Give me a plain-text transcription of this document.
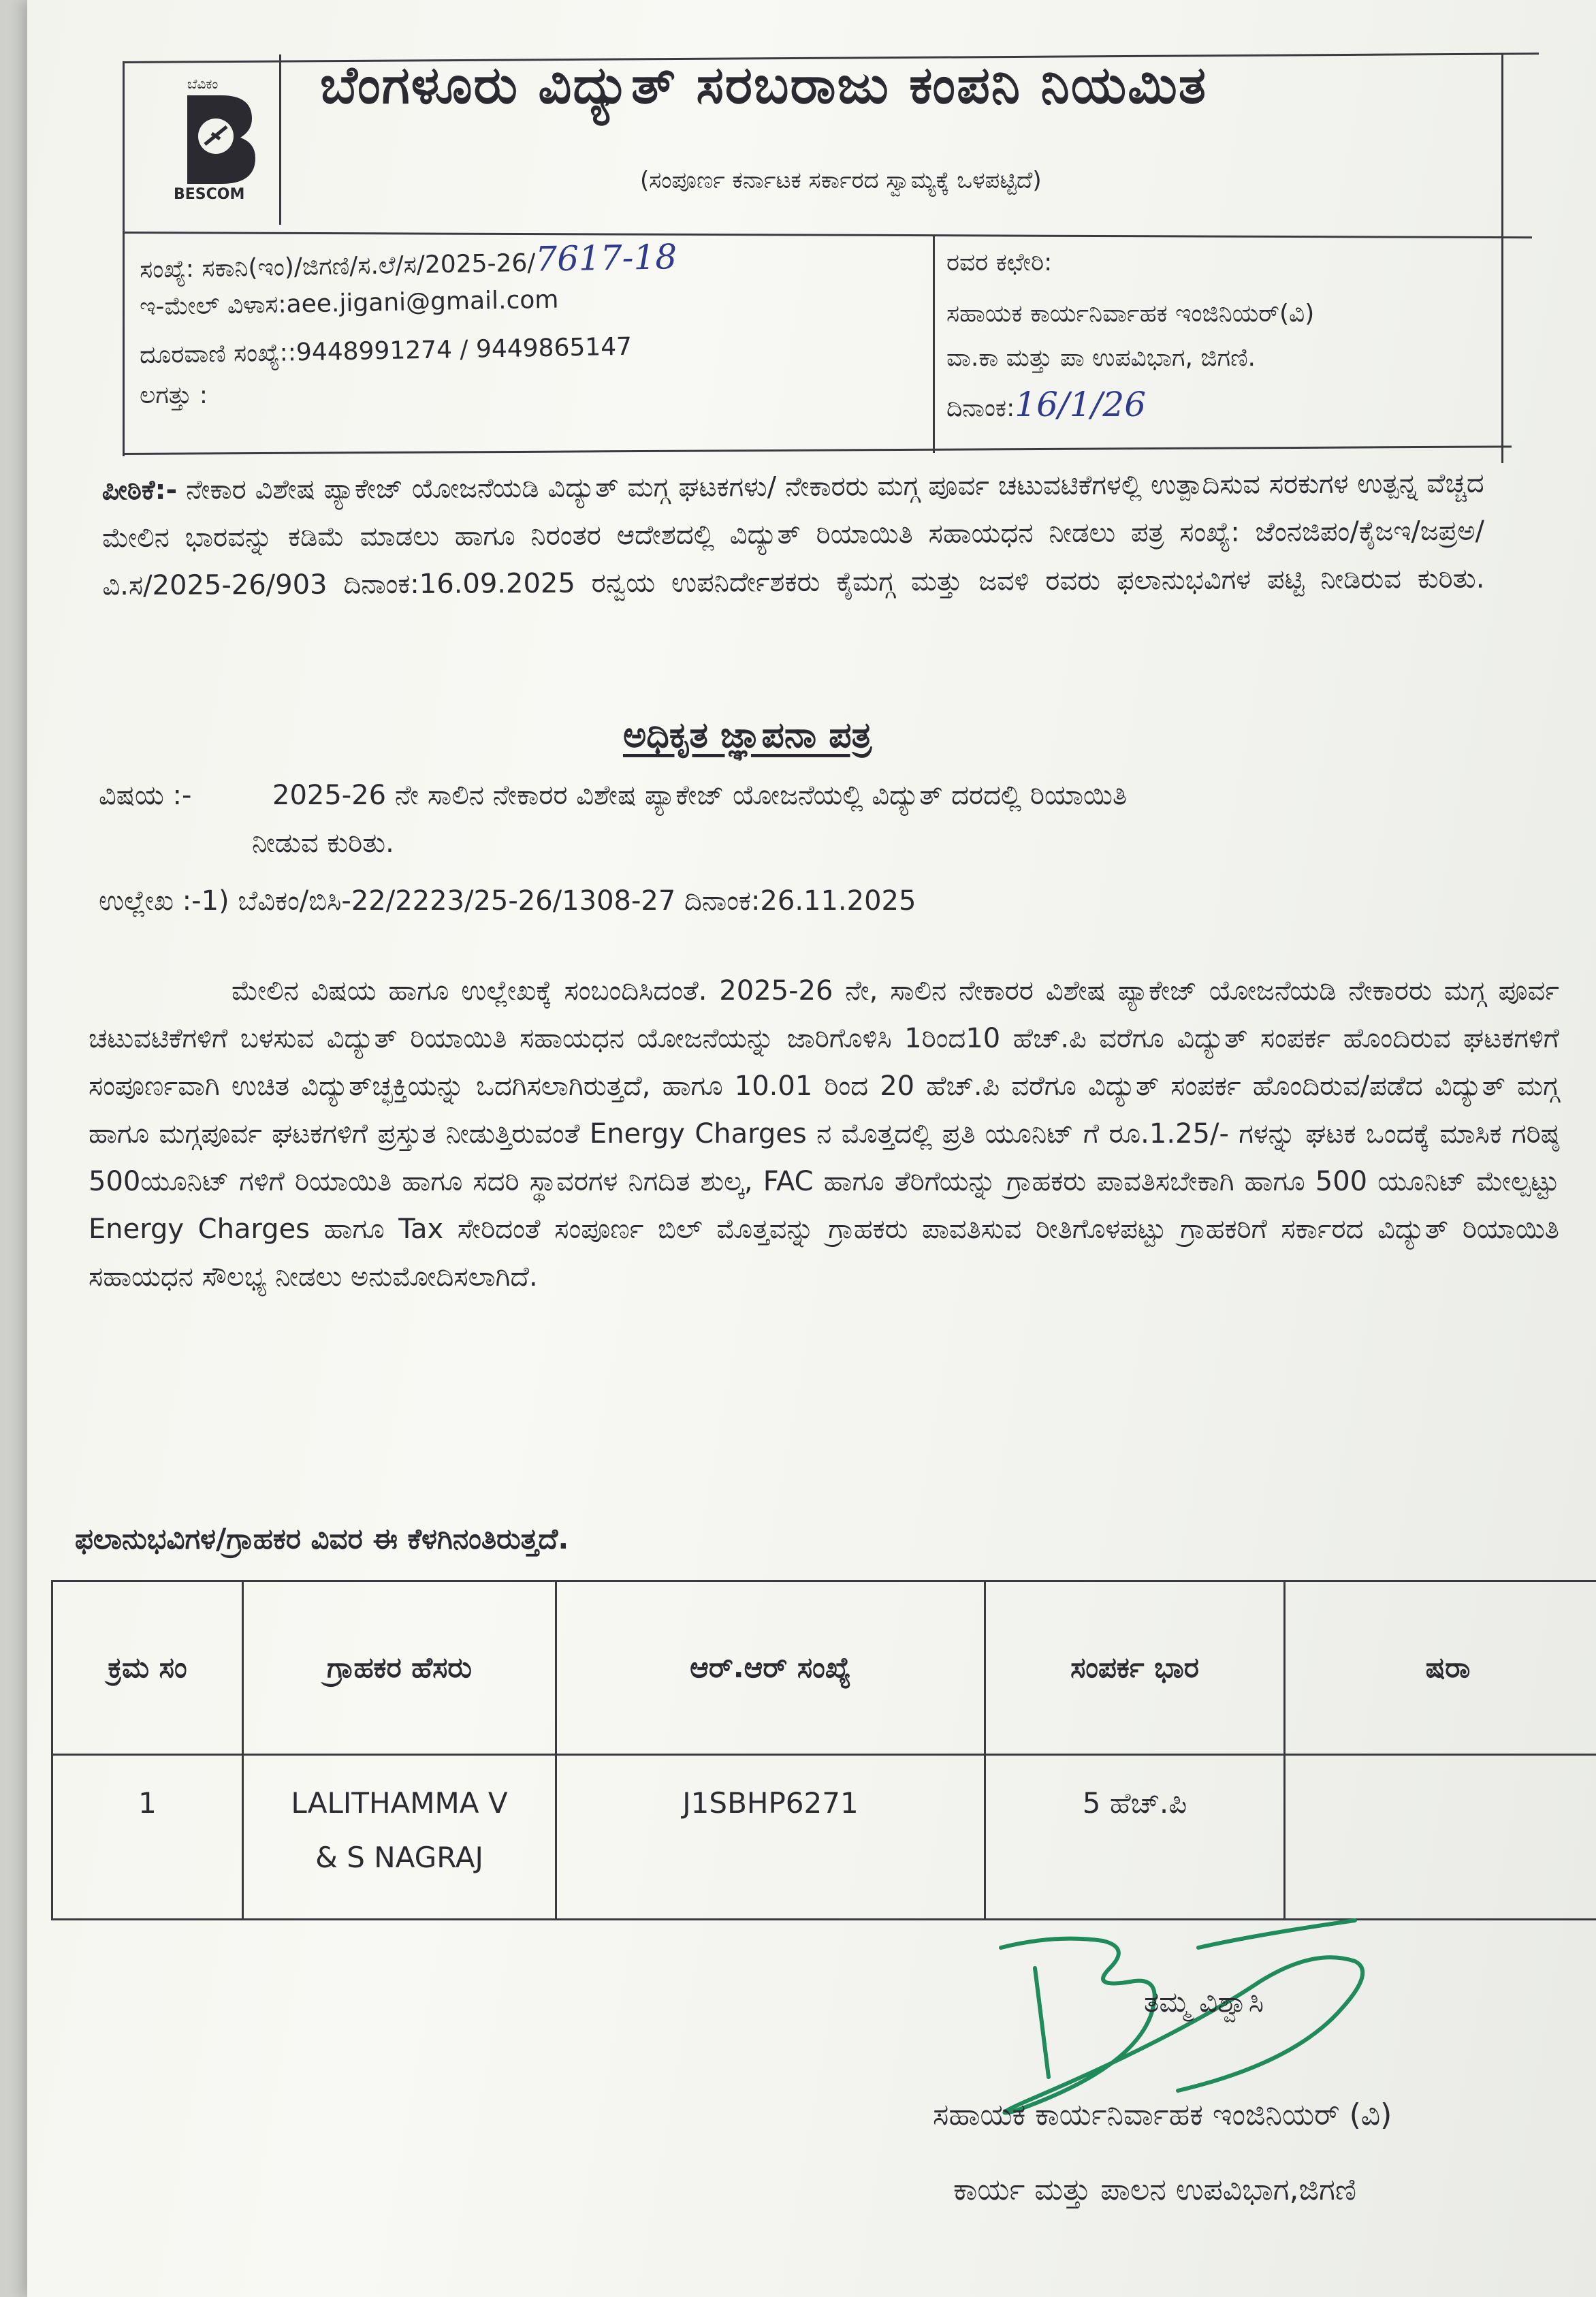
ಬೆವಿಕಂ
BESCOM
ಬೆಂಗಳೂರು ವಿದ್ಯುತ್ ಸರಬರಾಜು ಕಂಪನಿ ನಿಯಮಿತ
(ಸಂಪೂರ್ಣ ಕರ್ನಾಟಕ ಸರ್ಕಾರದ ಸ್ವಾಮ್ಯಕ್ಕೆ ಒಳಪಟ್ಟಿದೆ)
ಸಂಖ್ಯೆ: ಸಕಾನಿ(ಇಂ)/ಜಿಗಣಿ/ಸ.ಲೆ/ಸ/2025-26/7617-18
ಇ-ಮೇಲ್ ವಿಳಾಸ:aee.jigani@gmail.com
ದೂರವಾಣಿ ಸಂಖ್ಯೆ::9448991274 / 9449865147
ಲಗತ್ತು :
ರವರ ಕಛೇರಿ:
ಸಹಾಯಕ ಕಾರ್ಯನಿರ್ವಾಹಕ ಇಂಜಿನಿಯರ್(ವಿ)
ವಾ.ಕಾ ಮತ್ತು ಪಾ ಉಪವಿಭಾಗ, ಜಿಗಣಿ.
ದಿನಾಂಕ:16/1/26
ಪೀಠಿಕೆ:- ನೇಕಾರ ವಿಶೇಷ ಪ್ಯಾಕೇಜ್ ಯೋಜನೆಯಡಿ ವಿದ್ಯುತ್ ಮಗ್ಗ ಘಟಕಗಳು/ ನೇಕಾರರು ಮಗ್ಗ ಪೂರ್ವ ಚಟುವಟಿಕೆಗಳಲ್ಲಿ ಉತ್ಪಾದಿಸುವ ಸರಕುಗಳ ಉತ್ಪನ್ನ ವೆಚ್ಚದ ಮೇಲಿನ ಭಾರವನ್ನು ಕಡಿಮೆ ಮಾಡಲು ಹಾಗೂ ನಿರಂತರ ಆದೇಶದಲ್ಲಿ ವಿದ್ಯುತ್ ರಿಯಾಯಿತಿ ಸಹಾಯಧನ ನೀಡಲು ಪತ್ರ ಸಂಖ್ಯೆ: ಜೆಂನಜಿಪಂ/ಕೈಜಇ/ಜಪ್ರಅ/ವಿ.ಸ/2025-26/903 ದಿನಾಂಕ:16.09.2025 ರನ್ವಯ ಉಪನಿರ್ದೇಶಕರು ಕೈಮಗ್ಗ ಮತ್ತು ಜವಳಿ ರವರು ಫಲಾನುಭವಿಗಳ ಪಟ್ಟಿ ನೀಡಿರುವ ಕುರಿತು.
ಅಧಿಕೃತ ಜ್ಞಾಪನಾ ಪತ್ರ
ವಿಷಯ :-	2025-26 ನೇ ಸಾಲಿನ ನೇಕಾರರ ವಿಶೇಷ ಪ್ಯಾಕೇಜ್ ಯೋಜನೆಯಲ್ಲಿ ವಿದ್ಯುತ್ ದರದಲ್ಲಿ ರಿಯಾಯಿತಿ
ನೀಡುವ ಕುರಿತು.
ಉಲ್ಲೇಖ :-1) ಬೆವಿಕಂ/ಬಿಸಿ-22/2223/25-26/1308-27 ದಿನಾಂಕ:26.11.2025
ಮೇಲಿನ ವಿಷಯ ಹಾಗೂ ಉಲ್ಲೇಖಕ್ಕೆ ಸಂಬಂದಿಸಿದಂತೆ. 2025-26 ನೇ, ಸಾಲಿನ ನೇಕಾರರ ವಿಶೇಷ ಪ್ಯಾಕೇಜ್ ಯೋಜನೆಯಡಿ ನೇಕಾರರು ಮಗ್ಗ ಪೂರ್ವ ಚಟುವಟಿಕೆಗಳಿಗೆ ಬಳಸುವ ವಿದ್ಯುತ್ ರಿಯಾಯಿತಿ ಸಹಾಯಧನ ಯೋಜನೆಯನ್ನು ಜಾರಿಗೊಳಿಸಿ 1ರಿಂದ10 ಹೆಚ್.ಪಿ ವರೆಗೂ ವಿದ್ಯುತ್ ಸಂಪರ್ಕ ಹೊಂದಿರುವ ಘಟಕಗಳಿಗೆ ಸಂಪೂರ್ಣವಾಗಿ ಉಚಿತ ವಿದ್ಯುತ್‌ಚ್ಛಕ್ತಿಯನ್ನು ಒದಗಿಸಲಾಗಿರುತ್ತದೆ, ಹಾಗೂ 10.01 ರಿಂದ 20 ಹೆಚ್.ಪಿ ವರೆಗೂ ವಿದ್ಯುತ್ ಸಂಪರ್ಕ ಹೊಂದಿರುವ/ಪಡೆದ ವಿದ್ಯುತ್ ಮಗ್ಗ ಹಾಗೂ ಮಗ್ಗಪೂರ್ವ ಘಟಕಗಳಿಗೆ ಪ್ರಸ್ತುತ ನೀಡುತ್ತಿರುವಂತೆ Energy Charges ನ ಮೊತ್ತದಲ್ಲಿ ಪ್ರತಿ ಯೂನಿಟ್ ಗೆ ರೂ.1.25/- ಗಳನ್ನು ಘಟಕ ಒಂದಕ್ಕೆ ಮಾಸಿಕ ಗರಿಷ್ಠ 500ಯೂನಿಟ್ ಗಳಿಗೆ ರಿಯಾಯಿತಿ ಹಾಗೂ ಸದರಿ ಸ್ಥಾವರಗಳ ನಿಗದಿತ ಶುಲ್ಕ, FAC ಹಾಗೂ ತೆರಿಗೆಯನ್ನು ಗ್ರಾಹಕರು ಪಾವತಿಸಬೇಕಾಗಿ ಹಾಗೂ 500 ಯೂನಿಟ್ ಮೇಲ್ಪಟ್ಟು Energy Charges ಹಾಗೂ Tax ಸೇರಿದಂತೆ ಸಂಪೂರ್ಣ ಬಿಲ್ ಮೊತ್ತವನ್ನು ಗ್ರಾಹಕರು ಪಾವತಿಸುವ ರೀತಿಗೊಳಪಟ್ಟು ಗ್ರಾಹಕರಿಗೆ ಸರ್ಕಾರದ ವಿದ್ಯುತ್ ರಿಯಾಯಿತಿ ಸಹಾಯಧನ ಸೌಲಭ್ಯ ನೀಡಲು ಅನುಮೋದಿಸಲಾಗಿದೆ.
ಫಲಾನುಭವಿಗಳ/ಗ್ರಾಹಕರ ವಿವರ ಈ ಕೆಳಗಿನಂತಿರುತ್ತದೆ.
ಕ್ರಮ ಸಂ	ಗ್ರಾಹಕರ ಹೆಸರು	ಆರ್.ಆರ್ ಸಂಖ್ಯೆ	ಸಂಪರ್ಕ ಭಾರ	ಷರಾ
1	LALITHAMMA V
& S NAGRAJ	J1SBHP6271	5 ಹೆಚ್.ಪಿ	
ತಮ್ಮ ವಿಶ್ವಾಸಿ
ಸಹಾಯಕ ಕಾರ್ಯನಿರ್ವಾಹಕ ಇಂಜಿನಿಯರ್ (ವಿ)
ಕಾರ್ಯ ಮತ್ತು ಪಾಲನ ಉಪವಿಭಾಗ,ಜಿಗಣಿ
